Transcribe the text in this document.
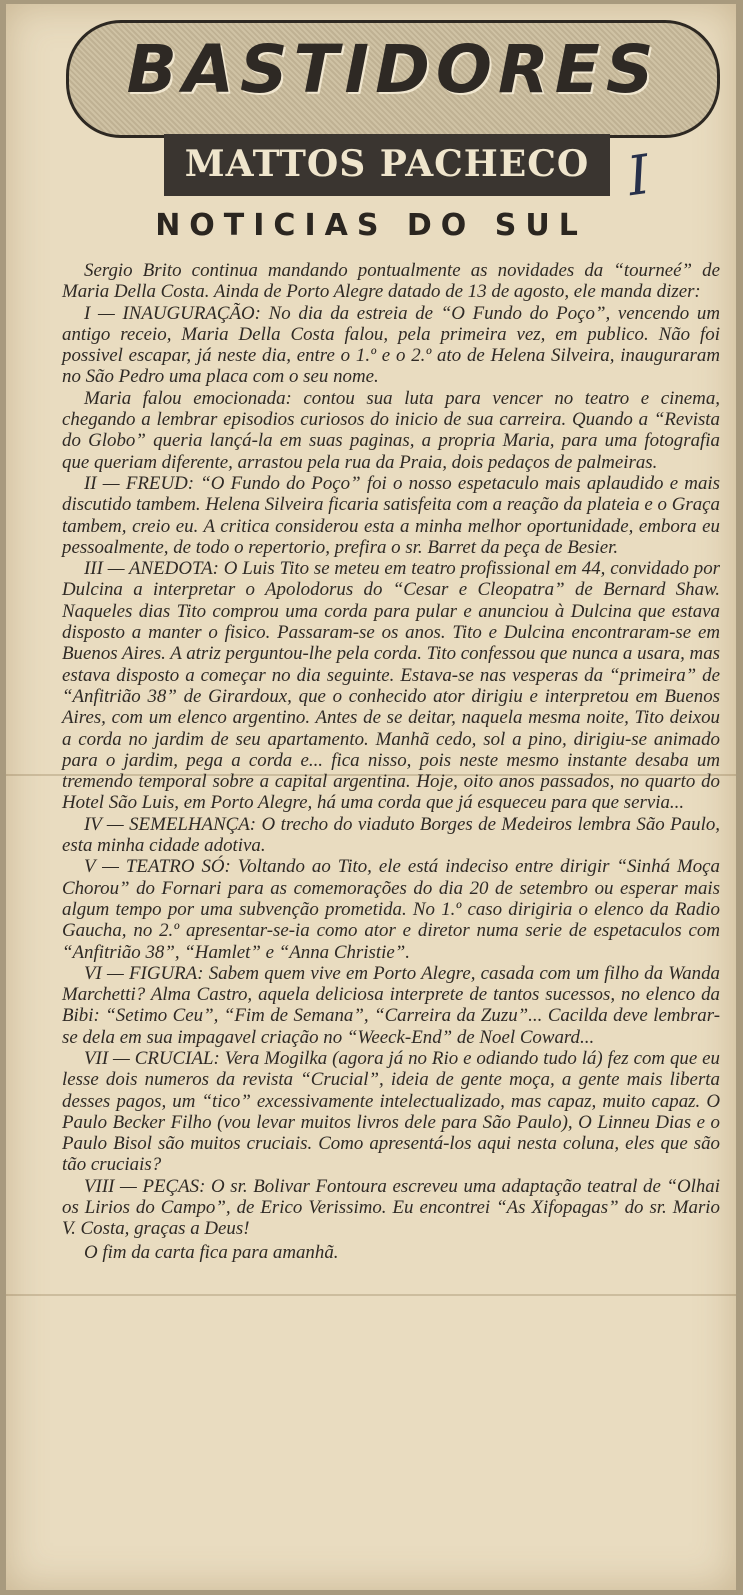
BASTIDORES
MATTOS PACHECO I
NOTICIAS DO SUL

Sergio Brito continua mandando pontualmente as novidades da “tourneé” de Maria Della Costa. Ainda de Porto Alegre datado de 13 de agosto, ele manda dizer:

I — INAUGURAÇÃO: No dia da estreia de “O Fundo do Poço”, vencendo um antigo receio, Maria Della Costa falou, pela primeira vez, em publico. Não foi possivel escapar, já neste dia, entre o 1.º e o 2.º ato de Helena Silveira, inauguraram no São Pedro uma placa com o seu nome.

Maria falou emocionada: contou sua luta para vencer no teatro e cinema, chegando a lembrar episodios curiosos do inicio de sua carreira. Quando a “Revista do Globo” queria lançá-la em suas paginas, a propria Maria, para uma fotografia que queriam diferente, arrastou pela rua da Praia, dois pedaços de palmeiras.

II — FREUD: “O Fundo do Poço” foi o nosso espetaculo mais aplaudido e mais discutido tambem. Helena Silveira ficaria satisfeita com a reação da plateia e o Graça tambem, creio eu. A critica considerou esta a minha melhor oportunidade, embora eu pessoalmente, de todo o repertorio, prefira o sr. Barret da peça de Besier.

III — ANEDOTA: O Luis Tito se meteu em teatro profissional em 44, convidado por Dulcina a interpretar o Apolodorus do “Cesar e Cleopatra” de Bernard Shaw. Naqueles dias Tito comprou uma corda para pular e anunciou à Dulcina que estava disposto a manter o fisico. Passaram-se os anos. Tito e Dulcina encontraram-se em Buenos Aires. A atriz perguntou-lhe pela corda. Tito confessou que nunca a usara, mas estava disposto a começar no dia seguinte. Estava-se nas vesperas da “primeira” de “Anfitrião 38” de Girardoux, que o conhecido ator dirigiu e interpretou em Buenos Aires, com um elenco argentino. Antes de se deitar, naquela mesma noite, Tito deixou a corda no jardim de seu apartamento. Manhã cedo, sol a pino, dirigiu-se animado para o jardim, pega a corda e... fica nisso, pois neste mesmo instante desaba um tremendo temporal sobre a capital argentina. Hoje, oito anos passados, no quarto do Hotel São Luis, em Porto Alegre, há uma corda que já esqueceu para que servia...

IV — SEMELHANÇA: O trecho do viaduto Borges de Medeiros lembra São Paulo, esta minha cidade adotiva.

V — TEATRO SÓ: Voltando ao Tito, ele está indeciso entre dirigir “Sinhá Moça Chorou” do Fornari para as comemorações do dia 20 de setembro ou esperar mais algum tempo por uma subvenção prometida. No 1.º caso dirigiria o elenco da Radio Gaucha, no 2.º apresentar-se-ia como ator e diretor numa serie de espetaculos com “Anfitrião 38”, “Hamlet” e “Anna Christie”.

VI — FIGURA: Sabem quem vive em Porto Alegre, casada com um filho da Wanda Marchetti? Alma Castro, aquela deliciosa interprete de tantos sucessos, no elenco da Bibi: “Setimo Ceu”, “Fim de Semana”, “Carreira da Zuzu”... Cacilda deve lembrar-se dela em sua impagavel criação no “Weeck-End” de Noel Coward...

VII — CRUCIAL: Vera Mogilka (agora já no Rio e odiando tudo lá) fez com que eu lesse dois numeros da revista “Crucial”, ideia de gente moça, a gente mais liberta desses pagos, um “tico” excessivamente intelectualizado, mas capaz, muito capaz. O Paulo Becker Filho (vou levar muitos livros dele para São Paulo), O Linneu Dias e o Paulo Bisol são muitos cruciais. Como apresentá-los aqui nesta coluna, eles que são tão cruciais?

VIII — PEÇAS: O sr. Bolivar Fontoura escreveu uma adaptação teatral de “Olhai os Lirios do Campo”, de Erico Verissimo. Eu encontrei “As Xifopagas” do sr. Mario V. Costa, graças a Deus!

O fim da carta fica para amanhã.
